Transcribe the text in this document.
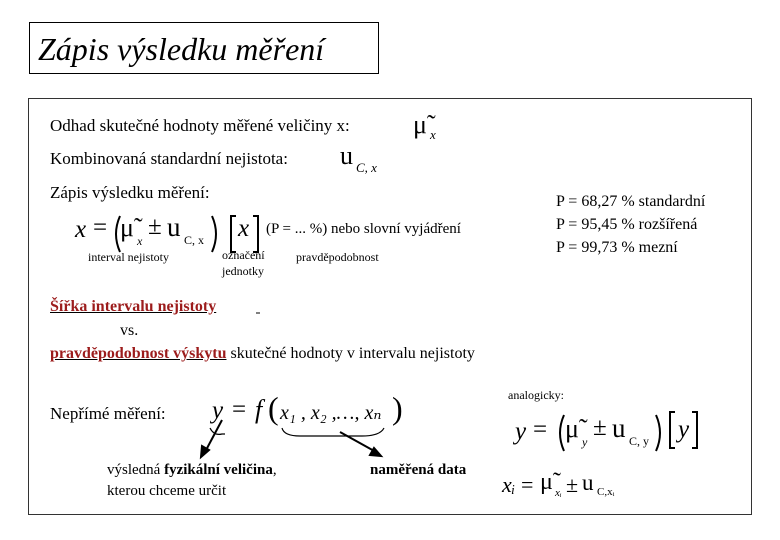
Zápis výsledku měření
Odhad skutečné hodnoty měřené veličiny x: μ̃ x
Kombinovaná standardní nejistota: u C, x
Zápis výsledku měření:
x = μ̃ x
± u C, x x (P = ... %) nebo slovní vyjádření
interval nejistoty	označení
jednotky
pravděpodobnost
P = 68,27 % standardní
P = 95,45 % rozšířená
P = 99,73 % mezní
Šířka intervalu nejistoty
vs.
pravděpodobnost výskytu skutečné hodnoty v intervalu nejistoty
analogicky:
Nepřímé měření: y = f ( x₁ , x₂ ,…, xₙ )
y = μ̃ y
± u C, y y
xᵢ = μ̃ xᵢ ± u C,xᵢ
výsledná fyzikální veličina,
kterou chceme určit
naměřená data
